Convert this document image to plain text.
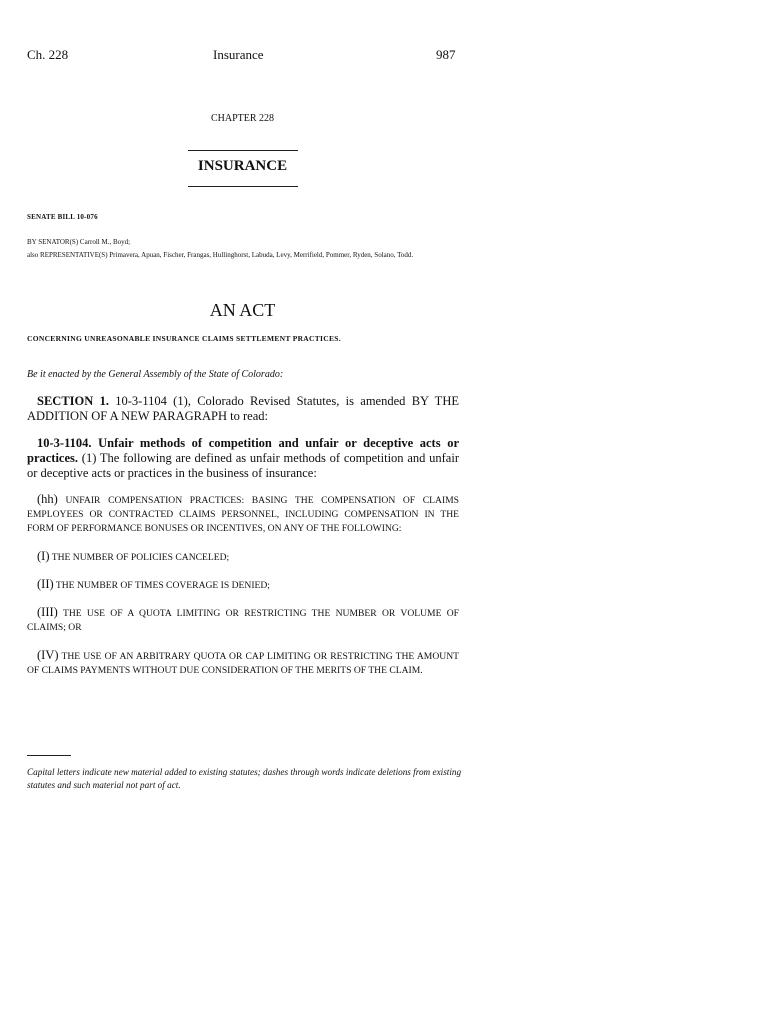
Ch. 228	Insurance	987
CHAPTER 228
INSURANCE
SENATE BILL 10-076
BY SENATOR(S) Carroll M., Boyd;
also REPRESENTATIVE(S) Primavera, Apuan, Fischer, Frangas, Hullinghorst, Labuda, Levy, Merrifield, Pommer, Ryden, Solano, Todd.
AN ACT
CONCERNING UNREASONABLE INSURANCE CLAIMS SETTLEMENT PRACTICES.
Be it enacted by the General Assembly of the State of Colorado:
SECTION 1. 10-3-1104 (1), Colorado Revised Statutes, is amended BY THE ADDITION OF A NEW PARAGRAPH to read:
10-3-1104. Unfair methods of competition and unfair or deceptive acts or practices. (1) The following are defined as unfair methods of competition and unfair or deceptive acts or practices in the business of insurance:
(hh) UNFAIR COMPENSATION PRACTICES: BASING THE COMPENSATION OF CLAIMS EMPLOYEES OR CONTRACTED CLAIMS PERSONNEL, INCLUDING COMPENSATION IN THE FORM OF PERFORMANCE BONUSES OR INCENTIVES, ON ANY OF THE FOLLOWING:
(I) THE NUMBER OF POLICIES CANCELED;
(II) THE NUMBER OF TIMES COVERAGE IS DENIED;
(III) THE USE OF A QUOTA LIMITING OR RESTRICTING THE NUMBER OR VOLUME OF CLAIMS; OR
(IV) THE USE OF AN ARBITRARY QUOTA OR CAP LIMITING OR RESTRICTING THE AMOUNT OF CLAIMS PAYMENTS WITHOUT DUE CONSIDERATION OF THE MERITS OF THE CLAIM.
Capital letters indicate new material added to existing statutes; dashes through words indicate deletions from existing statutes and such material not part of act.
